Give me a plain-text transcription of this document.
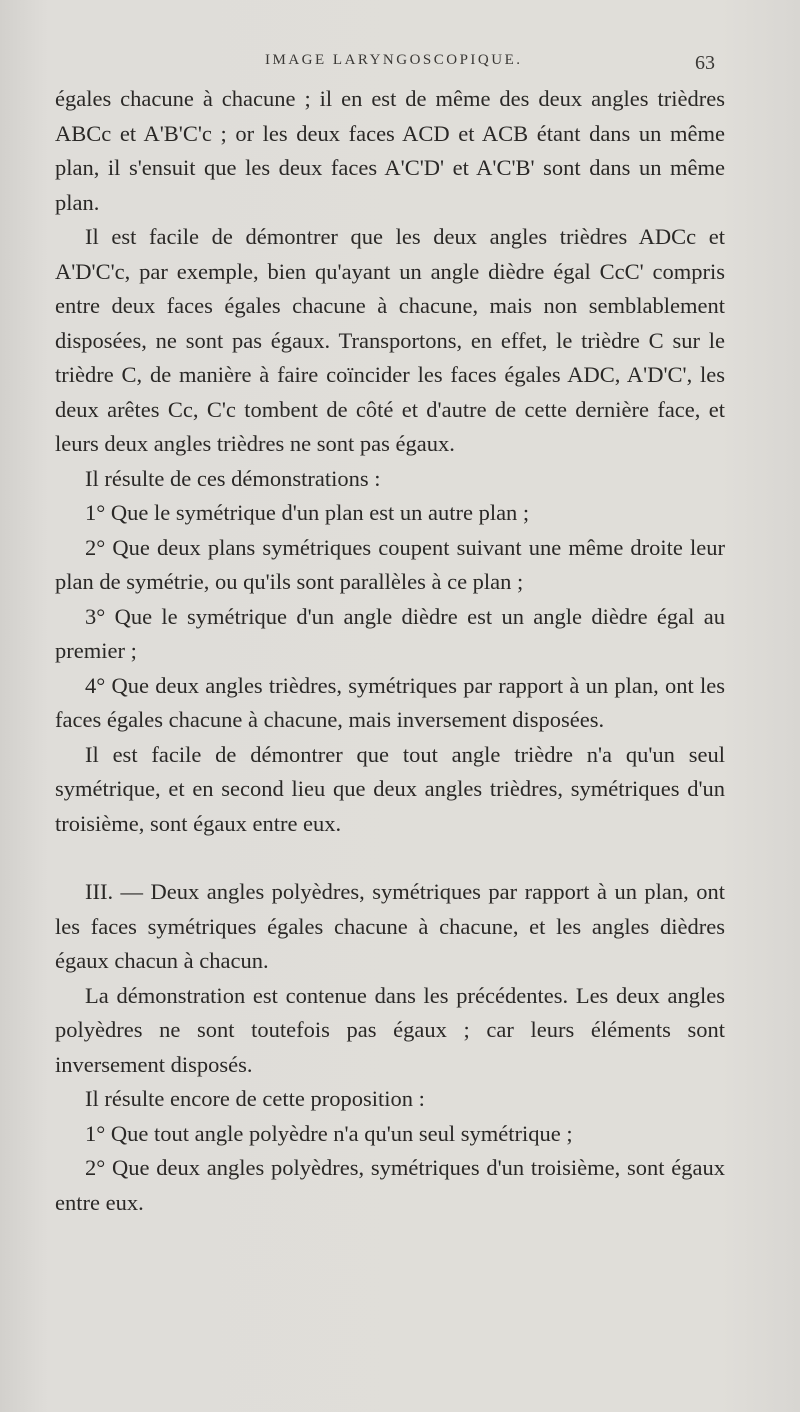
IMAGE LARYNGOSCOPIQUE.	63

égales chacune à chacune ; il en est de même des deux angles trièdres ABCc et A'B'C'c ; or les deux faces ACD et ACB étant dans un même plan, il s'ensuit que les deux faces A'C'D' et A'C'B' sont dans un même plan.

Il est facile de démontrer que les deux angles trièdres ADCc et A'D'C'c, par exemple, bien qu'ayant un angle dièdre égal CcC' compris entre deux faces égales chacune à chacune, mais non semblablement disposées, ne sont pas égaux. Transportons, en effet, le trièdre C sur le trièdre C, de manière à faire coïncider les faces égales ADC, A'D'C', les deux arêtes Cc, C'c tombent de côté et d'autre de cette dernière face, et leurs deux angles trièdres ne sont pas égaux.

Il résulte de ces démonstrations :

1° Que le symétrique d'un plan est un autre plan ;

2° Que deux plans symétriques coupent suivant une même droite leur plan de symétrie, ou qu'ils sont parallèles à ce plan ;

3° Que le symétrique d'un angle dièdre est un angle dièdre égal au premier ;

4° Que deux angles trièdres, symétriques par rapport à un plan, ont les faces égales chacune à chacune, mais inversement disposées.

Il est facile de démontrer que tout angle trièdre n'a qu'un seul symétrique, et en second lieu que deux angles trièdres, symétriques d'un troisième, sont égaux entre eux.

III. — Deux angles polyèdres, symétriques par rapport à un plan, ont les faces symétriques égales chacune à chacune, et les angles dièdres égaux chacun à chacun.

La démonstration est contenue dans les précédentes. Les deux angles polyèdres ne sont toutefois pas égaux ; car leurs éléments sont inversement disposés.

Il résulte encore de cette proposition :

1° Que tout angle polyèdre n'a qu'un seul symétrique ;

2° Que deux angles polyèdres, symétriques d'un troisième, sont égaux entre eux.
